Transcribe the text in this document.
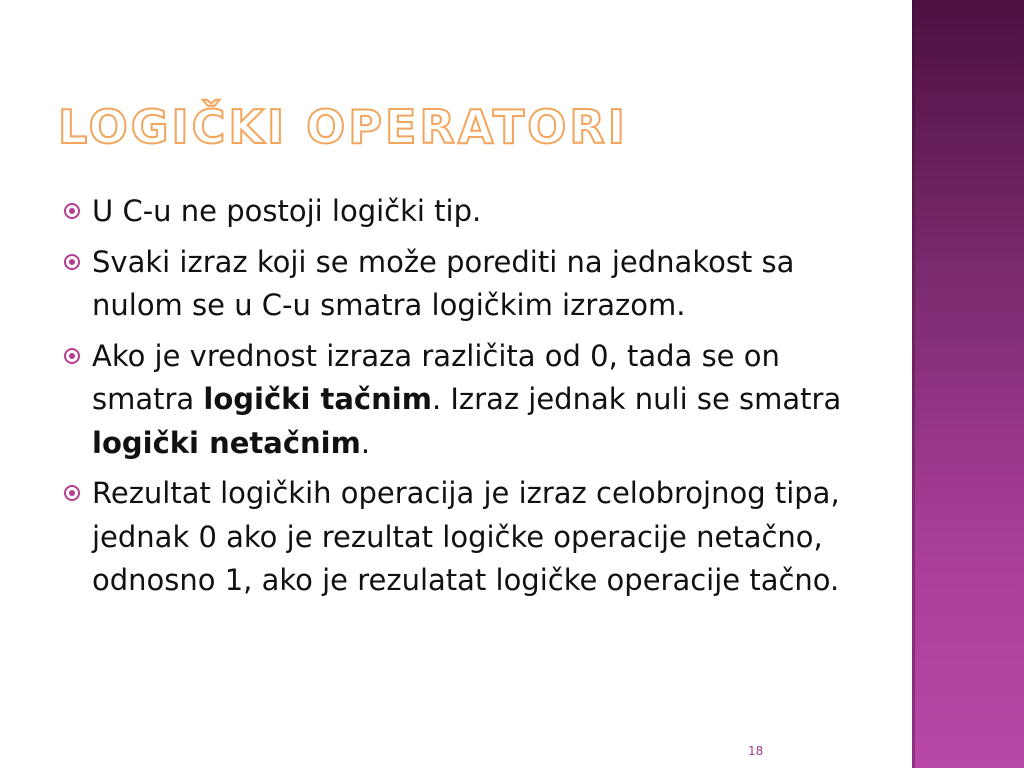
LOGIČKI OPERATORI
U C-u ne postoji logički tip.
Svaki izraz koji se može porediti na jednakost sa nulom se u C-u smatra logičkim izrazom.
Ako je vrednost izraza različita od 0, tada se on smatra logički tačnim. Izraz jednak nuli se smatra logički netačnim.
Rezultat logičkih operacija je izraz celobrojnog tipa, jednak 0 ako je rezultat logičke operacije netačno, odnosno 1, ako je rezulatat logičke operacije tačno.
18
